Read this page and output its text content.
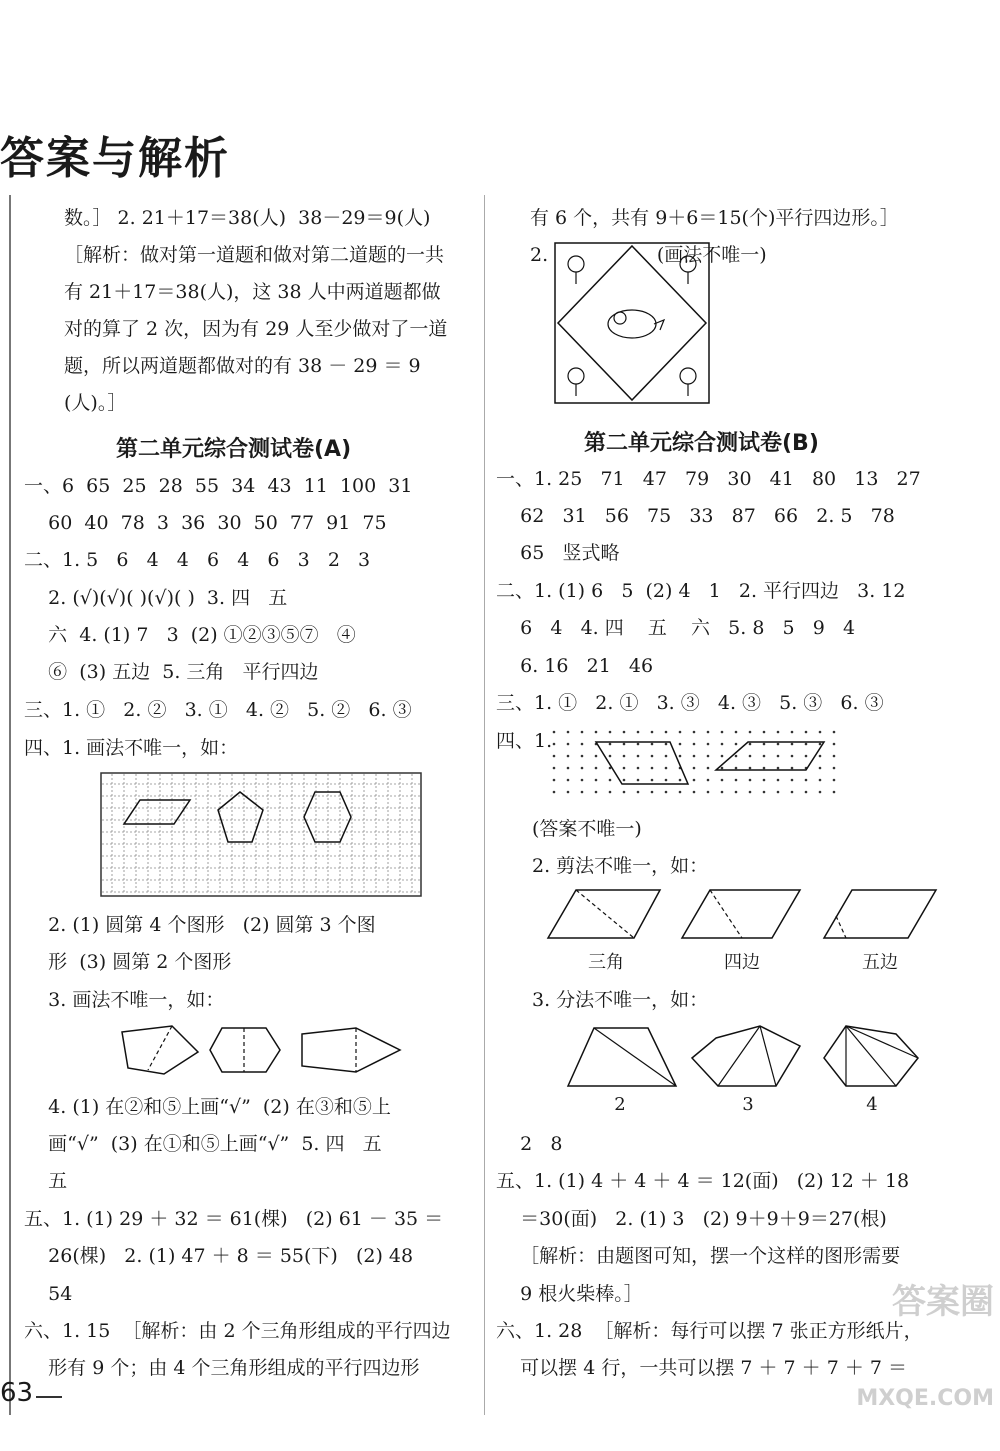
答案与解析
数。］ 2. 21＋17＝38(人)  38－29＝9(人)
［解析：做对第一道题和做对第二道题的一共
有 21＋17＝38(人)，这 38 人中两道题都做
对的算了 2 次，因为有 29 人至少做对了一道
题，所以两道题都做对的有 38 － 29 ＝ 9
(人)。］
第二单元综合测试卷(A)
一、6  65  25  28  55  34  43  11  100  31
60  40  78  3  36  30  50  77  91  75
二、1. 5   6   4   4   6   4   6   3   2   3
2. (√)(√)( )(√)( )  3. 四   五
六  4. (1) 7   3  (2) ①②③⑤⑦   ④
⑥  (3) 五边  5. 三角   平行四边
三、1. ①   2. ②   3. ①   4. ②   5. ②   6. ③
四、1. 画法不唯一，如：
2. (1) 圆第 4 个图形   (2) 圆第 3 个图
形  (3) 圆第 2 个图形
3. 画法不唯一，如：
4. (1) 在②和⑤上画“√”  (2) 在③和⑤上
画“√”  (3) 在①和⑤上画“√”  5. 四   五
五
五、1. (1) 29 ＋ 32 ＝ 61(棵)   (2) 61 － 35 ＝
26(棵)   2. (1) 47 ＋ 8 ＝ 55(下)   (2) 48
54
六、1. 15  ［解析：由 2 个三角形组成的平行四边
形有 9 个；由 4 个三角形组成的平行四边形
有 6 个，共有 9＋6＝15(个)平行四边形。］
2.                  (画法不唯一)
第二单元综合测试卷(B)
一、1. 25   71   47   79   30   41   80   13   27
62   31   56   75   33   87   66   2. 5   78
65   竖式略
二、1. (1) 6   5  (2) 4   1   2. 平行四边   3. 12
6   4   4. 四    五    六   5. 8   5   9   4
6. 16   21   46
三、1. ①   2. ①   3. ③   4. ③   5. ③   6. ③
四、1.
(答案不唯一)
2. 剪法不唯一，如：
三角	四边	五边
3. 分法不唯一，如：
2	3	4
2   8
五、1. (1) 4 ＋ 4 ＋ 4 ＝ 12(面)   (2) 12 ＋ 18
＝30(面)   2. (1) 3   (2) 9＋9＋9＝27(根)
［解析：由题图可知，摆一个这样的图形需要
9 根火柴棒。］
六、1. 28  ［解析：每行可以摆 7 张正方形纸片，
可以摆 4 行，一共可以摆 7 ＋ 7 ＋ 7 ＋ 7 ＝
63

答案圈

MXQE.COM
